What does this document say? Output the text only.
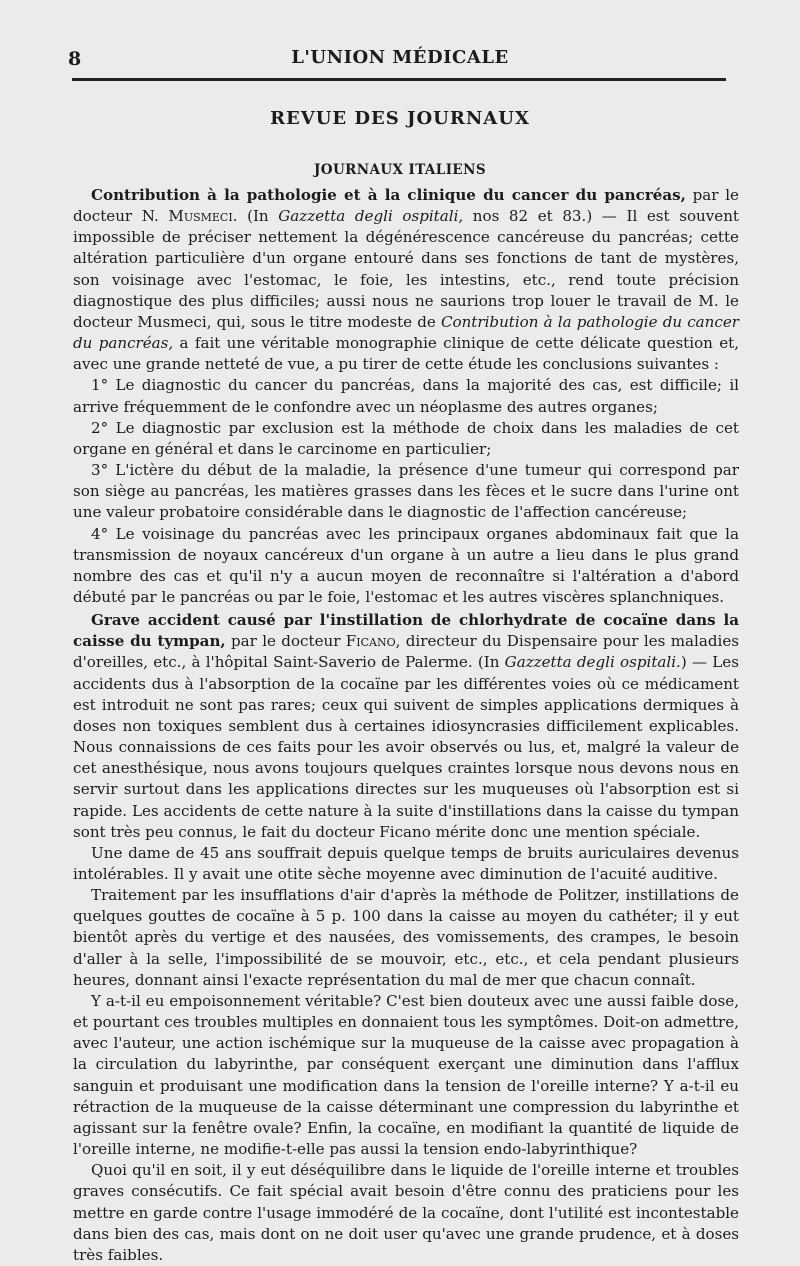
8	L'UNION MÉDICALE
REVUE DES JOURNAUX
JOURNAUX ITALIENS

Contribution à la pathologie et à la clinique du cancer du pancréas, par le docteur N. Musmeci. (In Gazzetta degli ospitali, nos 82 et 83.) — Il est souvent impossible de préciser nettement la dégénérescence cancéreuse du pancréas; cette altération particulière d'un organe entouré dans ses fonctions de tant de mystères, son voisinage avec l'estomac, le foie, les intestins, etc., rend toute précision diagnostique des plus difficiles; aussi nous ne saurions trop louer le travail de M. le docteur Musmeci, qui, sous le titre modeste de Contribution à la pathologie du cancer du pancréas, a fait une véritable monographie clinique de cette délicate question et, avec une grande netteté de vue, a pu tirer de cette étude les conclusions suivantes :

1° Le diagnostic du cancer du pancréas, dans la majorité des cas, est difficile; il arrive fréquemment de le confondre avec un néoplasme des autres organes;

2° Le diagnostic par exclusion est la méthode de choix dans les maladies de cet organe en général et dans le carcinome en particulier;

3° L'ictère du début de la maladie, la présence d'une tumeur qui correspond par son siège au pancréas, les matières grasses dans les fèces et le sucre dans l'urine ont une valeur probatoire considérable dans le diagnostic de l'affection cancéreuse;

4° Le voisinage du pancréas avec les principaux organes abdominaux fait que la transmission de noyaux cancéreux d'un organe à un autre a lieu dans le plus grand nombre des cas et qu'il n'y a aucun moyen de reconnaître si l'altération a d'abord débuté par le pancréas ou par le foie, l'estomac et les autres viscères splanchniques.

Grave accident causé par l'instillation de chlorhydrate de cocaïne dans la caisse du tympan, par le docteur Ficano, directeur du Dispensaire pour les maladies d'oreilles, etc., à l'hôpital Saint-Saverio de Palerme. (In Gazzetta degli ospitali.) — Les accidents dus à l'absorption de la cocaïne par les différentes voies où ce médicament est introduit ne sont pas rares; ceux qui suivent de simples applications dermiques à doses non toxiques semblent dus à certaines idiosyncrasies difficilement explicables. Nous connaissions de ces faits pour les avoir observés ou lus, et, malgré la valeur de cet anesthésique, nous avons toujours quelques craintes lorsque nous devons nous en servir surtout dans les applications directes sur les muqueuses où l'absorption est si rapide. Les accidents de cette nature à la suite d'instillations dans la caisse du tympan sont très peu connus, le fait du docteur Ficano mérite donc une mention spéciale.

Une dame de 45 ans souffrait depuis quelque temps de bruits auriculaires devenus intolérables. Il y avait une otite sèche moyenne avec diminution de l'acuité auditive.

Traitement par les insufflations d'air d'après la méthode de Politzer, instillations de quelques gouttes de cocaïne à 5 p. 100 dans la caisse au moyen du cathéter; il y eut bientôt après du vertige et des nausées, des vomissements, des crampes, le besoin d'aller à la selle, l'impossibilité de se mouvoir, etc., etc., et cela pendant plusieurs heures, donnant ainsi l'exacte représentation du mal de mer que chacun connaît.

Y a-t-il eu empoisonnement véritable? C'est bien douteux avec une aussi faible dose, et pourtant ces troubles multiples en donnaient tous les symptômes. Doit-on admettre, avec l'auteur, une action ischémique sur la muqueuse de la caisse avec propagation à la circulation du labyrinthe, par conséquent exerçant une diminution dans l'afflux sanguin et produisant une modification dans la tension de l'oreille interne? Y a-t-il eu rétraction de la muqueuse de la caisse déterminant une compression du labyrinthe et agissant sur la fenêtre ovale? Enfin, la cocaïne, en modifiant la quantité de liquide de l'oreille interne, ne modifie-t-elle pas aussi la tension endo-labyrinthique?

Quoi qu'il en soit, il y eut déséquilibre dans le liquide de l'oreille interne et troubles graves consécutifs. Ce fait spécial avait besoin d'être connu des praticiens pour les mettre en garde contre l'usage immodéré de la cocaïne, dont l'utilité est incontestable dans bien des cas, mais dont on ne doit user qu'avec une grande prudence, et à doses très faibles.
